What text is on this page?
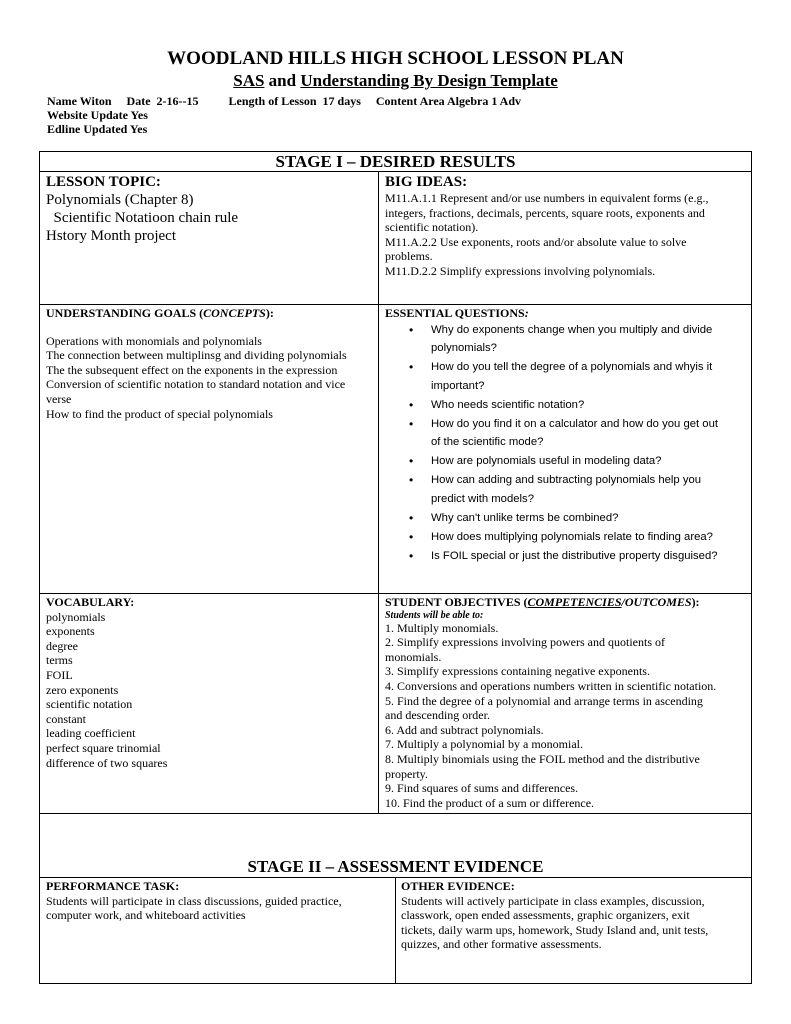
WOODLAND HILLS HIGH SCHOOL LESSON PLAN
SAS and Understanding By Design Template
Name Witon     Date  2-16--15          Length of Lesson  17 days     Content Area Algebra 1 Adv
Website Update Yes
Edline Updated Yes
STAGE I – DESIRED RESULTS
LESSON TOPIC:
Polynomials (Chapter 8)
Scientific Notatioon chain rule
Hstory Month project
BIG IDEAS:
M11.A.1.1 Represent and/or use numbers in equivalent forms (e.g.,
integers, fractions, decimals, percents, square roots, exponents and
scientific notation).
M11.A.2.2 Use exponents, roots and/or absolute value to solve
problems.
M11.D.2.2 Simplify expressions involving polynomials.
UNDERSTANDING GOALS (CONCEPTS):
Operations with monomials and polynomials
The connection between multiplinsg and dividing polynomials
The the subsequent effect on the exponents in the expression
Conversion of scientific notation to standard notation and vice
verse
How to find the product of special polynomials
ESSENTIAL QUESTIONS:
• Why do exponents change when you multiply and divide
polynomials?
• How do you tell the degree of a polynomials and whyis it
important?
• Who needs scientific notation?
• How do you find it on a calculator and how do you get out
of the scientific mode?
• How are polynomials useful in modeling data?
• How can adding and subtracting polynomials help you
predict with models?
• Why can't unlike terms be combined?
• How does multiplying polynomials relate to finding area?
• Is FOIL special or just the distributive property disguised?
VOCABULARY:
polynomials
exponents
degree
terms
FOIL
zero exponents
scientific notation
constant
leading coefficient
perfect square trinomial
difference of two squares
STUDENT OBJECTIVES (COMPETENCIES/OUTCOMES):
Students will be able to:
1. Multiply monomials.
2. Simplify expressions involving powers and quotients of
monomials.
3. Simplify expressions containing negative exponents.
4. Conversions and operations numbers written in scientific notation.
5. Find the degree of a polynomial and arrange terms in ascending
and descending order.
6. Add and subtract polynomials.
7. Multiply a polynomial by a monomial.
8. Multiply binomials using the FOIL method and the distributive
property.
9. Find squares of sums and differences.
10. Find the product of a sum or difference.
STAGE II – ASSESSMENT EVIDENCE
PERFORMANCE TASK:
Students will participate in class discussions, guided practice,
computer work, and whiteboard activities
OTHER EVIDENCE:
Students will actively participate in class examples, discussion,
classwork, open ended assessments, graphic organizers, exit
tickets, daily warm ups, homework, Study Island and, unit tests,
quizzes, and other formative assessments.
